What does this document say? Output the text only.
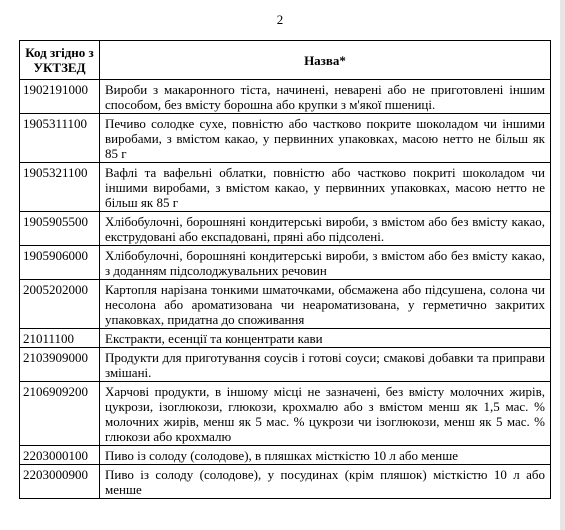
2
Код згідно з УКТЗЕД	Назва*
1902191000	Вироби з макаронного тіста, начинені, неварені або не приготовлені іншим способом, без вмісту борошна або крупки з м'якої пшениці.
1905311100	Печиво солодке сухе, повністю або частково покрите шоколадом чи іншими виробами, з вмістом какао, у первинних упаковках, масою нетто не більш як 85 г
1905321100	Вафлі та вафельні облатки, повністю або частково покриті шоколадом чи іншими виробами, з вмістом какао, у первинних упаковках, масою нетто не більш як 85 г
1905905500	Хлібобулочні, борошняні кондитерські вироби, з вмістом або без вмісту какао, екструдовані або експадовані, пряні або підсолені.
1905906000	Хлібобулочні, борошняні кондитерські вироби, з вмістом або без вмісту какао, з доданням підсолоджувальних речовин
2005202000	Картопля нарізана тонкими шматочками, обсмажена або підсушена, солона чи несолона або ароматизована чи неароматизована, у герметично закритих упаковках, придатна до споживання
21011100	Екстракти, есенції та концентрати кави
2103909000	Продукти для приготування соусів і готові соуси; смакові добавки та приправи змішані.
2106909200	Харчові продукти, в іншому місці не зазначені, без вмісту молочних жирів, цукрози, ізоглюкози, глюкози, крохмалю або з вмістом менш як 1,5 мас. % молочних жирів, менш як 5 мас. % цукрози чи ізоглюкози, менш як 5 мас. % глюкози або крохмалю
2203000100	Пиво із солоду (солодове), в пляшках місткістю 10 л або менше
2203000900	Пиво із солоду (солодове), у посудинах (крім пляшок) місткістю 10 л або менше
